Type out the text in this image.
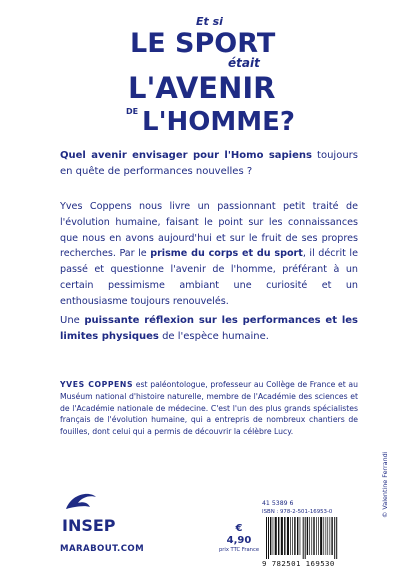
Et si
LE SPORT
était
L'AVENIR
DE L'HOMME?
Quel avenir envisager pour l'Homo sapiens toujours en quête de performances nouvelles ?
Yves Coppens nous livre un passionnant petit traité de l'évolution humaine, faisant le point sur les connaissances que nous en avons aujourd'hui et sur le fruit de ses propres recherches. Par le prisme du corps et du sport, il décrit le passé et questionne l'avenir de l'homme, préférant à un certain pessimisme ambiant une curiosité et un enthousiasme toujours renouvelés.
Une puissante réflexion sur les performances et les limites physiques de l'espèce humaine.
YVES COPPENS est paléontologue, professeur au Collège de France et au Muséum national d'histoire naturelle, membre de l'Académie des sciences et de l'Académie nationale de médecine. C'est l'un des plus grands spécialistes français de l'évolution humaine, qui a entrepris de nombreux chantiers de fouilles, dont celui qui a permis de découvrir la célèbre Lucy.
© Valentine Ferrandi
INSEP
MARABOUT.COM
€
4,90
prix TTC France
41 5389 6
ISBN : 978-2-501-16953-0
9 782501 169530
